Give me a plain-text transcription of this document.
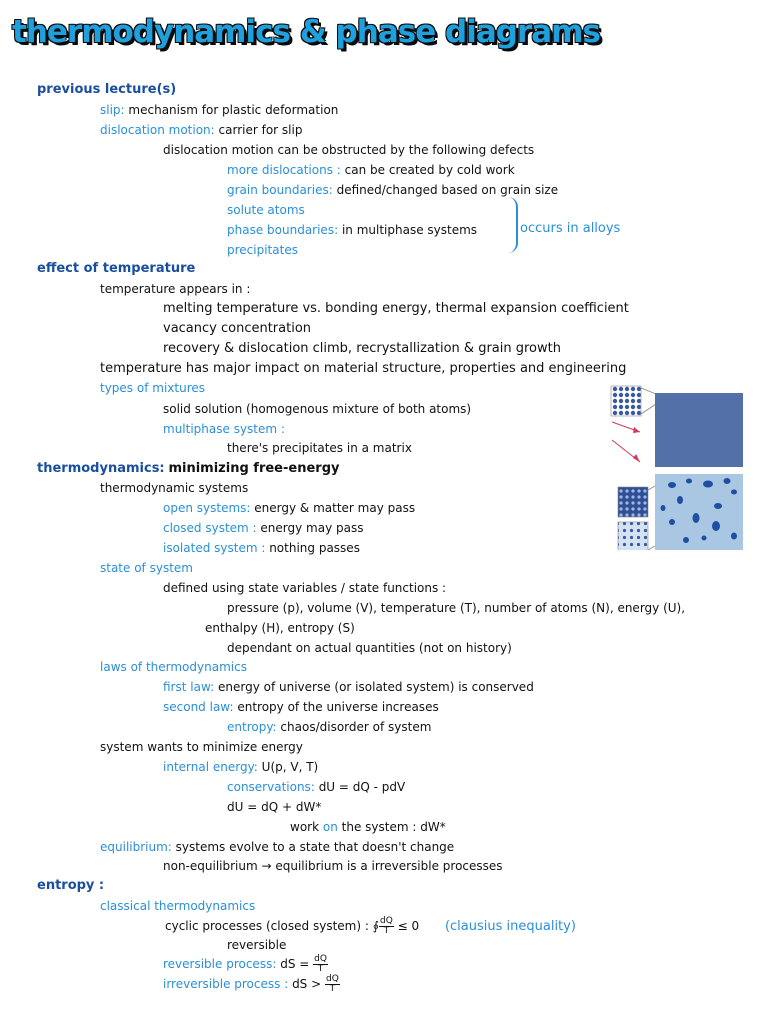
thermodynamics & phase diagrams
previous lecture(s)
slip: mechanism for plastic deformation
dislocation motion: carrier for slip
dislocation motion can be obstructed by the following defects
more dislocations : can be created by cold work
grain boundaries: defined/changed based on grain size
solute atoms
phase boundaries: in multiphase systems	occurs in alloys
precipitates
effect of temperature
temperature appears in :
melting temperature vs. bonding energy, thermal expansion coefficient
vacancy concentration
recovery & dislocation climb, recrystallization & grain growth
temperature has major impact on material structure, properties and engineering
types of mixtures
solid solution (homogenous mixture of both atoms)
multiphase system :
there's precipitates in a matrix
thermodynamics: minimizing free-energy
thermodynamic systems
open systems: energy & matter may pass
closed system : energy may pass
isolated system : nothing passes
state of system
defined using state variables / state functions :
pressure (p), volume (V), temperature (T), number of atoms (N), energy (U),
enthalpy (H), entropy (S)
dependant on actual quantities (not on history)
laws of thermodynamics
first law: energy of universe (or isolated system) is conserved
second law: entropy of the universe increases
entropy: chaos/disorder of system
system wants to minimize energy
internal energy: U(p, V, T)
conservations: dU = dQ - pdV
dU = dQ + dW*
work on the system : dW*
equilibrium: systems evolve to a state that doesn't change
non-equilibrium → equilibrium is a irreversible processes
entropy :
classical thermodynamics
cyclic processes (closed system) : ∮ $\frac{dQ}{T} \le 0$ (clausius inequality)
reversible
reversible process: dS = $\frac{dQ}{T}$
irreversible process : dS > $\frac{dQ}{T}$
